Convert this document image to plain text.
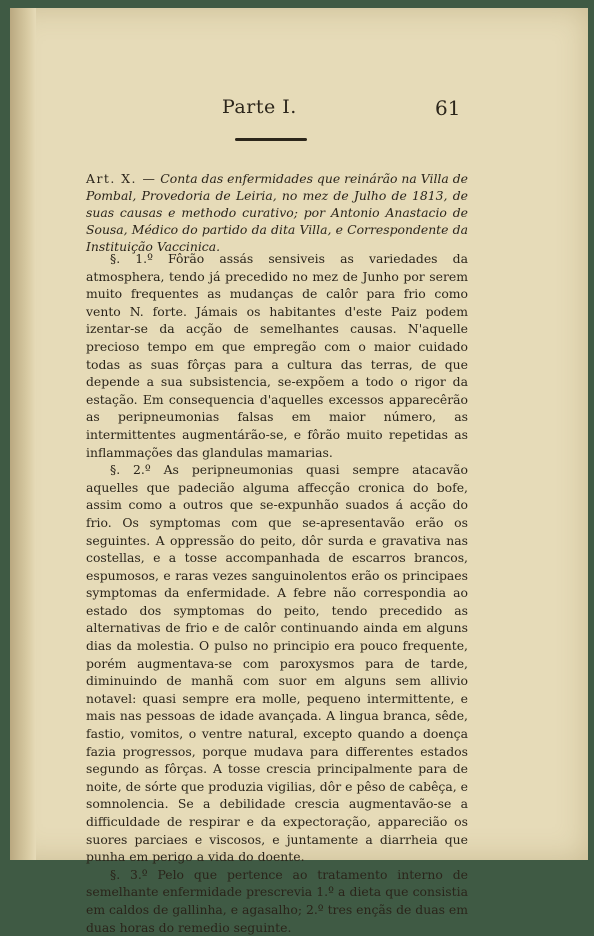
Parte I.	61
Art. X. — Conta das enfermidades que reinárão na Villa de Pombal, Provedoria de Leiria, no mez de Julho de 1813, de suas causas e methodo curativo; por Antonio Anastacio de Sousa, Médico do partido da dita Villa, e Correspondente da Instituição Vaccinica.

§. 1.º Fôrão assás sensiveis as variedades da atmosphera, tendo já precedido no mez de Junho por serem muito frequentes as mudanças de calôr para frio como vento N. forte. Jámais os habitantes d'este Paiz podem izentar-se da acção de semelhantes causas. N'aquelle precioso tempo em que empregão com o maior cuidado todas as suas fôrças para a cultura das terras, de que depende a sua subsistencia, se-expõem a todo o rigor da estação. Em consequencia d'aquelles excessos apparecêrão as peripneumonias falsas em maior número, as intermittentes augmentárão-se, e fôrão muito repetidas as inflammações das glandulas mamarias.

§. 2.º As peripneumonias quasi sempre atacavão aquelles que padecião alguma affecção cronica do bofe, assim como a outros que se-expunhão suados á acção do frio. Os symptomas com que se-apresentavão erão os seguintes. A oppressão do peito, dôr surda e gravativa nas costellas, e a tosse accompanhada de escarros brancos, espumosos, e raras vezes sanguinolentos erão os principaes symptomas da enfermidade. A febre não correspondia ao estado dos symptomas do peito, tendo precedido as alternativas de frio e de calôr continuando ainda em alguns dias da molestia. O pulso no principio era pouco frequente, porém augmentava-se com paroxysmos para de tarde, diminuindo de manhã com suor em alguns sem allivio notavel: quasi sempre era molle, pequeno intermittente, e mais nas pessoas de idade avançada. A lingua branca, sêde, fastio, vomitos, o ventre natural, excepto quando a doença fazia progressos, porque mudava para differentes estados segundo as fôrças. A tosse crescia principalmente para de noite, de sórte que produzia vigilias, dôr e pêso de cabêça, e somnolencia. Se a debilidade crescia augmentavão-se a difficuldade de respirar e da expectoração, apparecião os suores parciaes e viscosos, e juntamente a diarrheia que punha em perigo a vida do doente.

§. 3.º Pelo que pertence ao tratamento interno de semelhante enfermidade prescrevia 1.º a dieta que consistia em caldos de gallinha, e agasalho; 2.º tres ençãs de duas em duas horas do remedio seguinte.
